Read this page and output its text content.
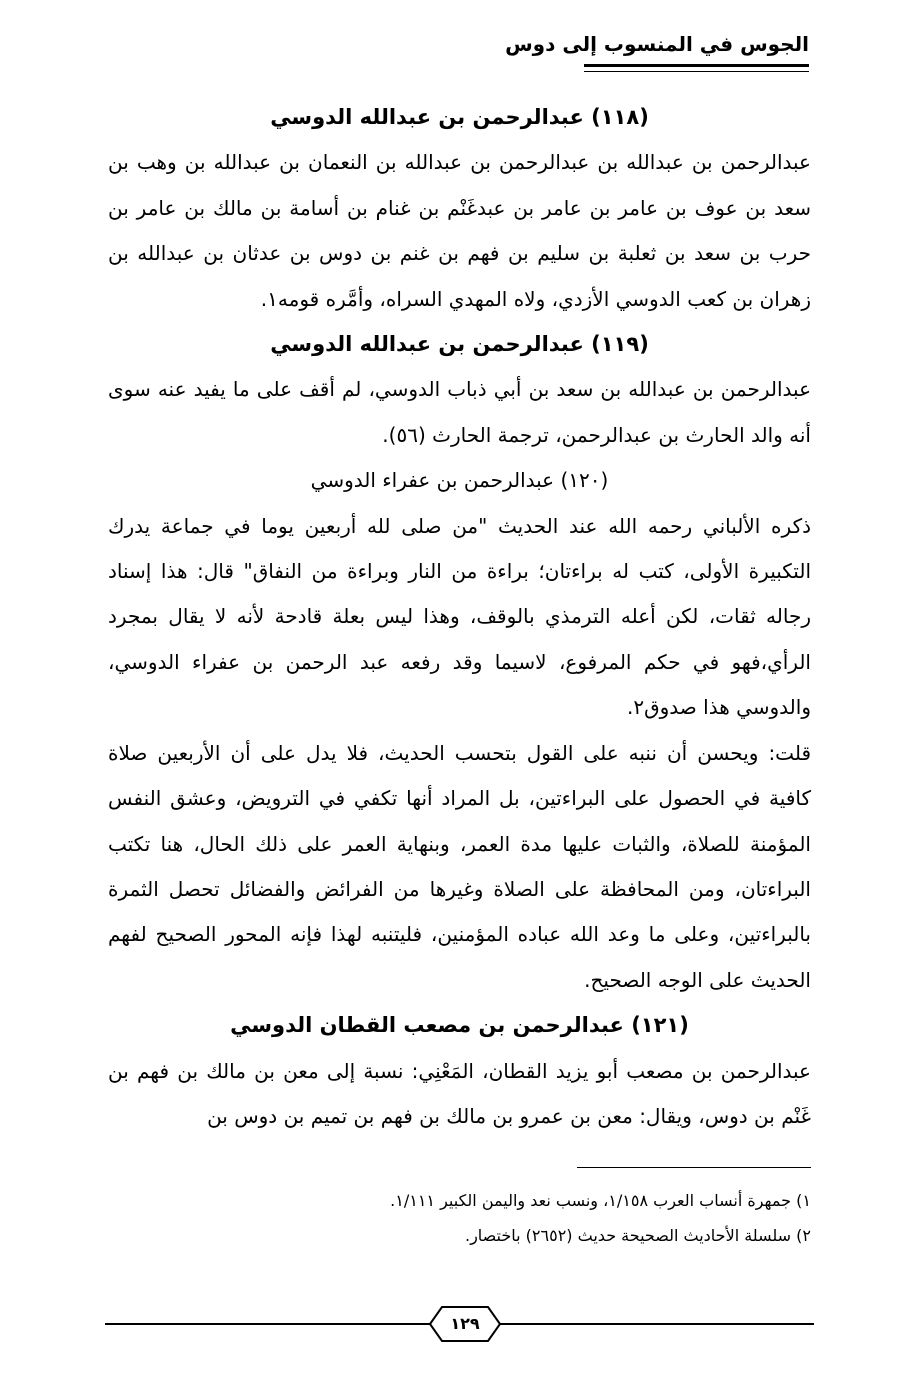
الجوس في المنسوب إلى دوس

(١١٨) عبدالرحمن بن عبدالله الدوسي

عبدالرحمن بن عبدالله بن عبدالرحمن بن عبدالله بن النعمان بن عبدالله بن وهب بن سعد بن عوف بن عامر بن عامر بن عبدغَنْم بن غنام بن أسامة بن مالك بن عامر بن حرب بن سعد بن ثعلبة بن سليم بن فهم بن غنم بن دوس بن عدثان بن عبدالله بن زهران بن كعب الدوسي الأزدي، ولاه المهدي السراه، وأمَّره قومه١.

(١١٩) عبدالرحمن بن عبدالله الدوسي

عبدالرحمن بن عبدالله بن سعد بن أبي ذباب الدوسي، لم أقف على ما يفيد عنه سوى أنه والد الحارث بن عبدالرحمن، ترجمة الحارث (٥٦).

(١٢٠) عبدالرحمن بن عفراء الدوسي

ذكره الألباني رحمه الله عند الحديث "من صلى لله أربعين يوما في جماعة يدرك التكبيرة الأولى، كتب له براءتان؛ براءة من النار وبراءة من النفاق" قال: هذا إسناد رجاله ثقات، لكن أعله الترمذي بالوقف، وهذا ليس بعلة قادحة لأنه لا يقال بمجرد الرأي،فهو في حكم المرفوع، لاسيما وقد رفعه عبد الرحمن بن عفراء الدوسي، والدوسي هذا صدوق٢.

قلت: ويحسن أن ننبه على القول بتحسب الحديث، فلا يدل على أن الأربعين صلاة كافية في الحصول على البراءتين، بل المراد أنها تكفي في الترويض، وعشق النفس المؤمنة للصلاة، والثبات عليها مدة العمر، وبنهاية العمر على ذلك الحال، هنا تكتب البراءتان، ومن المحافظة على الصلاة وغيرها من الفرائض والفضائل تحصل الثمرة بالبراءتين، وعلى ما وعد الله عباده المؤمنين، فليتنبه لهذا فإنه المحور الصحيح لفهم الحديث على الوجه الصحيح.

(١٢١) عبدالرحمن بن مصعب القطان الدوسي

عبدالرحمن بن مصعب أبو يزيد القطان، المَعْنِي: نسبة إلى معن بن مالك بن فهم بن غَنْم بن دوس، ويقال: معن بن عمرو بن مالك بن فهم بن تميم بن دوس بن

١) جمهرة أنساب العرب ١/١٥٨، ونسب نعد واليمن الكبير ١/١١١.

٢) سلسلة الأحاديث الصحيحة حديث (٢٦٥٢) باختصار.

١٢٩
